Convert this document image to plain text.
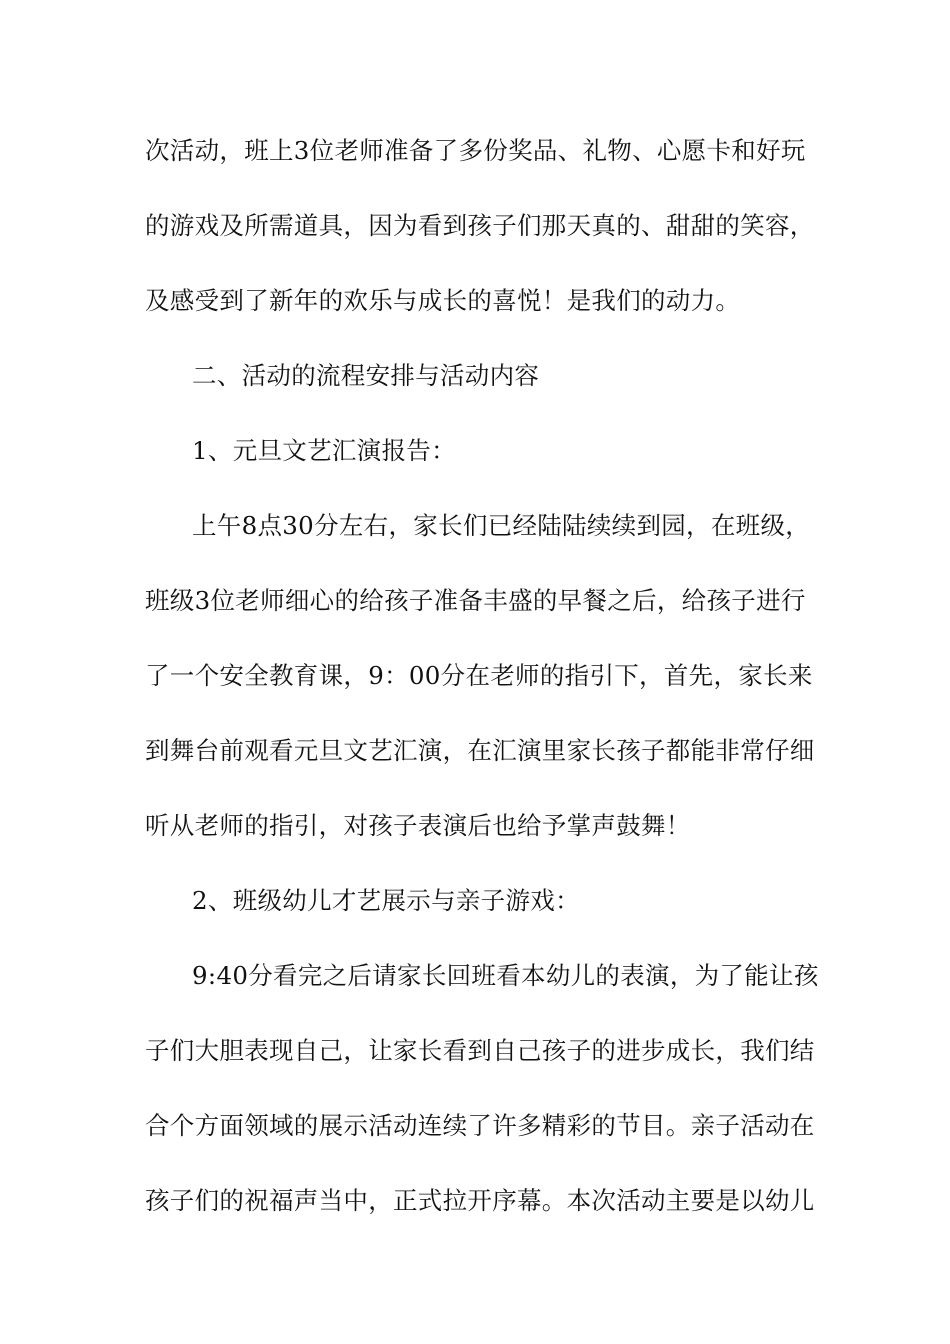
次活动，班上3位老师准备了多份奖品、礼物、心愿卡和好玩
的游戏及所需道具，因为看到孩子们那天真的、甜甜的笑容，
及感受到了新年的欢乐与成长的喜悦！是我们的动力。
二、活动的流程安排与活动内容
1、元旦文艺汇演报告：
上午8点30分左右，家长们已经陆陆续续到园，在班级，
班级3位老师细心的给孩子准备丰盛的早餐之后，给孩子进行
了一个安全教育课，9：00分在老师的指引下，首先，家长来
到舞台前观看元旦文艺汇演，在汇演里家长孩子都能非常仔细
听从老师的指引，对孩子表演后也给予掌声鼓舞！
2、班级幼儿才艺展示与亲子游戏：
9:40分看完之后请家长回班看本幼儿的表演，为了能让孩
子们大胆表现自己，让家长看到自己孩子的进步成长，我们结
合个方面领域的展示活动连续了许多精彩的节目。亲子活动在
孩子们的祝福声当中，正式拉开序幕。本次活动主要是以幼儿
